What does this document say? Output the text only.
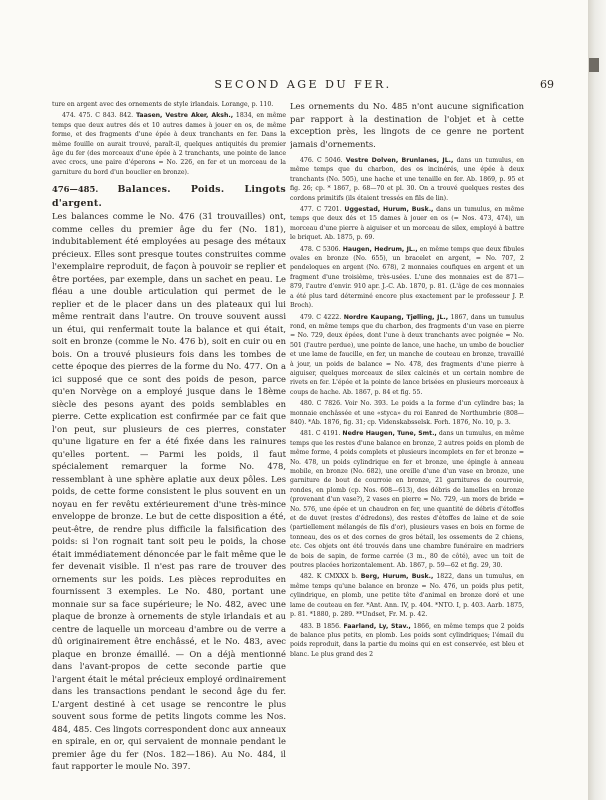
SECOND AGE DU FER.	69

ture en argent avec des ornements de style irlandais. Lorange, p. 110.

474. 475. C 843. 842. Taasen, Vestre Aker, Aksh., 1834, en même temps que deux autres dés et 10 autres dames à jouer en os, de même forme, et des fragments d'une épée à deux tranchants en fer. Dans la même fouille on aurait trouvé, paraît-il, quelques antiquités du premier âge du fer (des morceaux d'une épée à 2 tranchants, une pointe de lance avec crocs, une paire d'éperons = No. 226, en fer et un morceau de la garniture du bord d'un bouclier en bronze).

476—485. Balances. Poids. Lingots d'argent.

Les balances comme le No. 476 (31 trouvailles) ont, comme celles du premier âge du fer (No. 181), indubitablement été employées au pesage des métaux précieux. Elles sont presque toutes construites comme l'exemplaire reproduit, de façon à pouvoir se replier et être portées, par exemple, dans un sachet en peau. Le fléau a une double articulation qui permet de le replier et de le placer dans un des plateaux qui lui même rentrait dans l'autre. On trouve souvent aussi un étui, qui renfermait toute la balance et qui était, soit en bronze (comme le No. 476 b), soit en cuir ou en bois. On a trouvé plusieurs fois dans les tombes de cette époque des pierres de la forme du No. 477. On a ici supposé que ce sont des poids de peson, parce qu'en Norvège on a employé jusque dans le 18ème siècle des pesons ayant des poids semblables en pierre. Cette explication est confirmée par ce fait que l'on peut, sur plusieurs de ces pierres, constater qu'une ligature en fer a été fixée dans les rainures qu'elles portent. — Parmi les poids, il faut spécialement remarquer la forme No. 478, ressemblant à une sphère aplatie aux deux pôles. Les poids, de cette forme consistent le plus souvent en un noyau en fer revêtu extérieurement d'une très-mince enveloppe de bronze. Le but de cette disposition a été, peut-être, de rendre plus difficile la falsification des poids: si l'on rognait tant soit peu le poids, la chose était immédiatement dénoncée par le fait même que le fer devenait visible. Il n'est pas rare de trouver des ornements sur les poids. Les pièces reproduites en fournissent 3 exemples. Le No. 480, portant une monnaie sur sa face supérieure; le No. 482, avec une plaque de bronze à ornements de style irlandais et au centre de laquelle un morceau d'ambre ou de verre a dû originairement être enchâssé, et le No. 483, avec plaque en bronze émaillé. — On a déjà mentionné dans l'avant-propos de cette seconde partie que l'argent était le métal précieux employé ordinairement dans les transactions pendant le second âge du fer. L'argent destiné à cet usage se rencontre le plus souvent sous forme de petits lingots comme les Nos. 484, 485. Ces lingots correspondent donc aux anneaux en spirale, en or, qui servaient de monnaie pendant le premier âge du fer (Nos. 182—186). Au No. 484, il faut rapporter le moule No. 397.

Les ornements du No. 485 n'ont aucune signification par rapport à la destination de l'objet et à cette exception près, les lingots de ce genre ne portent jamais d'ornements.

476. C 5046. Vestre Dolven, Brunlanes, JL., dans un tumulus, en même temps que du charbon, des os incinérés, une épée à deux tranchants (No. 505), une hache et une tenaille en fer. Ab. 1869, p. 95 et fig. 26; cp. * 1867, p. 68—70 et pl. 30. On a trouvé quelques restes des cordons primitifs (ils étaient tressés en fils de lin).

477. C 7201. Uggestad, Hurum, Busk., dans un tumulus, en même temps que deux dés et 15 dames à jouer en os (= Nos. 473, 474), un morceau d'une pierre à aiguiser et un morceau de silex, employé à battre le briquet. Ab. 1875, p. 69.

478. C 5306. Haugen, Hedrum, JL., en même temps que deux fibules ovales en bronze (No. 655), un bracelet en argent, = No. 707, 2 pendeloques en argent (No. 678), 2 monnaies coufiques en argent et un fragment d'une troisième, très-usées. L'une des monnaies est de 871—879, l'autre d'envir. 910 apr. J.-C. Ab. 1870, p. 81. (L'âge de ces monnaies a été plus tard déterminé encore plus exactement par le professeur J. P. Broch).

479. C 4222. Nordre Kaupang, Tjølling, JL., 1867, dans un tumulus rond, en même temps que du charbon, des fragments d'un vase en pierre = No. 729, deux épées, dont l'une à deux tranchants avec poignée = No. 501 (l'autre perdue), une pointe de lance, une hache, un umbo de bouclier et une lame de faucille, en fer, un manche de couteau en bronze, travaillé à jour, un poids de balance = No. 478, des fragments d'une pierre à aiguiser, quelques morceaux de silex calcinés et un certain nombre de rivets en fer. L'épée et la pointe de lance brisées en plusieurs morceaux à coups de hache. Ab. 1867, p. 84 et fig. 55.

480. C 7826. Voir No. 393. Le poids a la forme d'un cylindre bas; la monnaie enchâssée et une «styca» du roi Eanred de Northumbrie (808—840). *Ab. 1876, fig. 31; cp. Videnskabsselsk. Forh. 1876, No. 10, p. 3.

481. C 4191. Nedre Haugen, Tune, Smt., dans un tumulus, en même temps que les restes d'une balance en bronze, 2 autres poids en plomb de même forme, 4 poids complets et plusieurs incomplets en fer et bronze = No. 478, un poids cylindrique en fer et bronze, une épingle à anneau mobile, en bronze (No. 682), une oreille d'une d'un vase en bronze, une garniture de bout de courroie en bronze, 21 garnitures de courroie, rondes, en plomb (cp. Nos. 608—613), des débris de lamelles en bronze (provenant d'un vase?), 2 vases en pierre = No. 729, -un mors de bride = No. 576, une épée et un chaudron en fer, une quantité de débris d'étoffes et de duvet (restes d'édredons), des restes d'étoffes de laine et de soie (partiellement mélangés de fils d'or), plusieurs vases en bois en forme de tonneau, des os et des cornes de gros bétail, les ossements de 2 chiens, etc. Ces objets ont été trouvés dans une chambre funéraire en madriers de bois de sapin, de forme carrée (3 m., 80 de côté), avec un toit de poutres placées horizontalement. Ab. 1867, p. 59—62 et fig. 29, 30.

482. K CMXXX b. Berg, Hurum, Busk., 1822, dans un tumulus, en même temps qu'une balance en bronze = No. 476, un poids plus petit, cylindrique, en plomb, une petite tête d'animal en bronze doré et une lame de couteau en fer. *Ant. Ann. IV, p. 404. *NTO. I, p. 403. Aarb. 1875, p. 81. *1880, p. 289. **Undset, Fr. M. p. 42.

483. B 1856. Faarland, Ly, Stav., 1866, en même temps que 2 poids de balance plus petits, en plomb. Les poids sont cylindriques; l'émail du poids reproduit, dans la partie du moins qui en est conservée, est bleu et blanc. Le plus grand des 2
